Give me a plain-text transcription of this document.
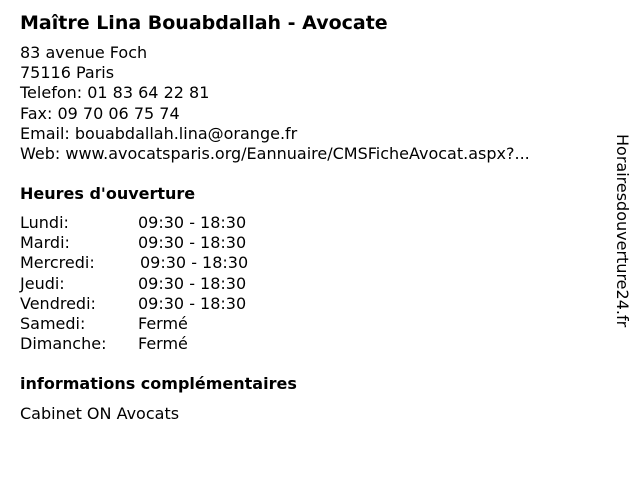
Maître Lina Bouabdallah - Avocate
83 avenue Foch
75116 Paris
Telefon: 01 83 64 22 81
Fax: 09 70 06 75 74
Email: bouabdallah.lina@orange.fr
Web: www.avocatsparis.org/Eannuaire/CMSFicheAvocat.aspx?...
Heures d'ouverture
Lundi:	09:30 - 18:30
Mardi:	09:30 - 18:30
Mercredi:	09:30 - 18:30
Jeudi:	09:30 - 18:30
Vendredi:	09:30 - 18:30
Samedi:	Fermé
Dimanche:	Fermé
informations complémentaires
Cabinet ON Avocats
Horairesdouverture24.fr
